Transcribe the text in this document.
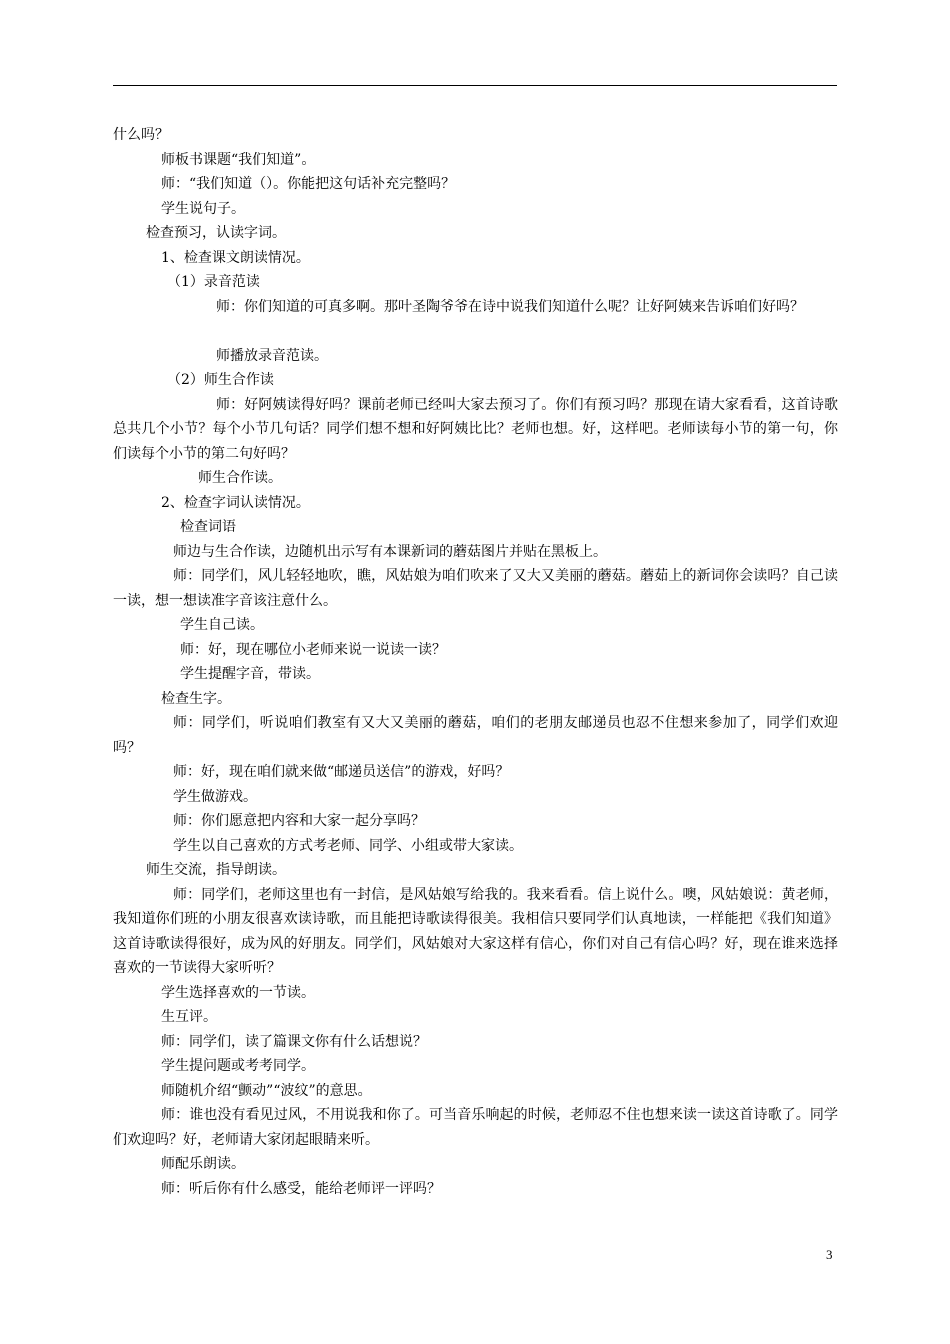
什么吗？
师板书课题“我们知道”。
师：“我们知道（）。你能把这句话补充完整吗？
学生说句子。
检查预习，认读字词。
1、检查课文朗读情况。
（1）录音范读
师：你们知道的可真多啊。那叶圣陶爷爷在诗中说我们知道什么呢？让好阿姨来告诉咱们好吗？
师播放录音范读。
（2）师生合作读
师：好阿姨读得好吗？课前老师已经叫大家去预习了。你们有预习吗？那现在请大家看看，这首诗歌总共几个小节？每个小节几句话？同学们想不想和好阿姨比比？老师也想。好，这样吧。老师读每小节的第一句，你们读每个小节的第二句好吗？
师生合作读。
2、检查字词认读情况。
检查词语
师边与生合作读，边随机出示写有本课新词的蘑菇图片并贴在黑板上。
师：同学们，风儿轻轻地吹，瞧，风姑娘为咱们吹来了又大又美丽的蘑菇。蘑茹上的新词你会读吗？自己读一读，想一想读准字音该注意什么。
学生自己读。
师：好，现在哪位小老师来说一说读一读？
学生提醒字音，带读。
检查生字。
师：同学们，听说咱们教室有又大又美丽的蘑菇，咱们的老朋友邮递员也忍不住想来参加了，同学们欢迎吗？
师：好，现在咱们就来做“邮递员送信”的游戏，好吗？
学生做游戏。
师：你们愿意把内容和大家一起分享吗？
学生以自己喜欢的方式考老师、同学、小组或带大家读。
师生交流，指导朗读。
师：同学们，老师这里也有一封信，是风姑娘写给我的。我来看看。信上说什么。噢，风姑娘说：黄老师，我知道你们班的小朋友很喜欢读诗歌，而且能把诗歌读得很美。我相信只要同学们认真地读，一样能把《我们知道》这首诗歌读得很好，成为风的好朋友。同学们，风姑娘对大家这样有信心，你们对自己有信心吗？好，现在谁来选择喜欢的一节读得大家听听？
学生选择喜欢的一节读。
生互评。
师：同学们，读了篇课文你有什么话想说？
学生提问题或考考同学。
师随机介绍“颤动”“波纹”的意思。
师：谁也没有看见过风，不用说我和你了。可当音乐响起的时候，老师忍不住也想来读一读这首诗歌了。同学们欢迎吗？好，老师请大家闭起眼睛来听。
师配乐朗读。
师：听后你有什么感受，能给老师评一评吗？
3
